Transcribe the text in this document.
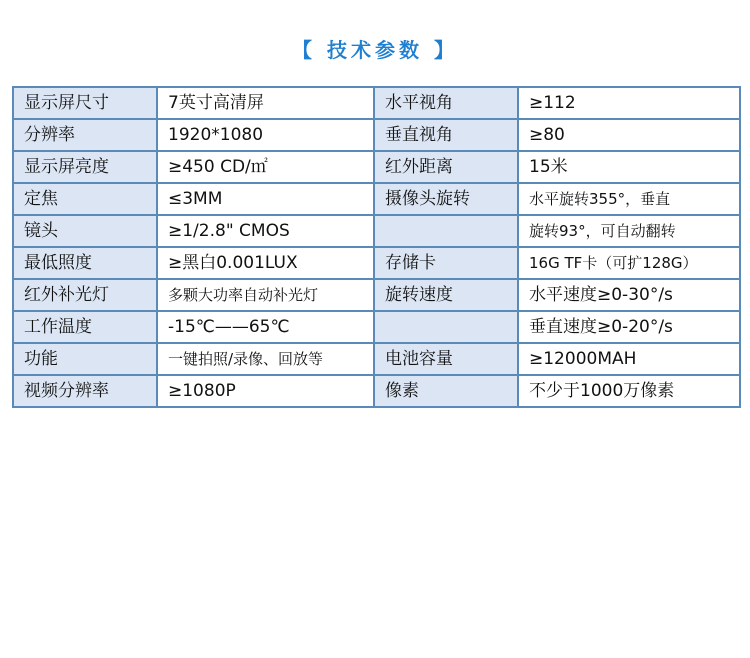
【 技术参数 】
显示屏尺寸	7英寸高清屏	水平视角	≥112
分辨率	1920*1080	垂直视角	≥80
显示屏亮度	≥450 CD/㎡	红外距离	15米
定焦	≤3MM	摄像头旋转	水平旋转355°，垂直
镜头	≥1/2.8" CMOS		旋转93°，可自动翻转
最低照度	≥黑白0.001LUX	存储卡	16G TF卡（可扩128G）
红外补光灯	多颗大功率自动补光灯	旋转速度	水平速度≥0-30°/s
工作温度	-15℃——65℃		垂直速度≥0-20°/s
功能	一键拍照/录像、回放等	电池容量	≥12000MAH
视频分辨率	≥1080P	像素	不少于1000万像素
